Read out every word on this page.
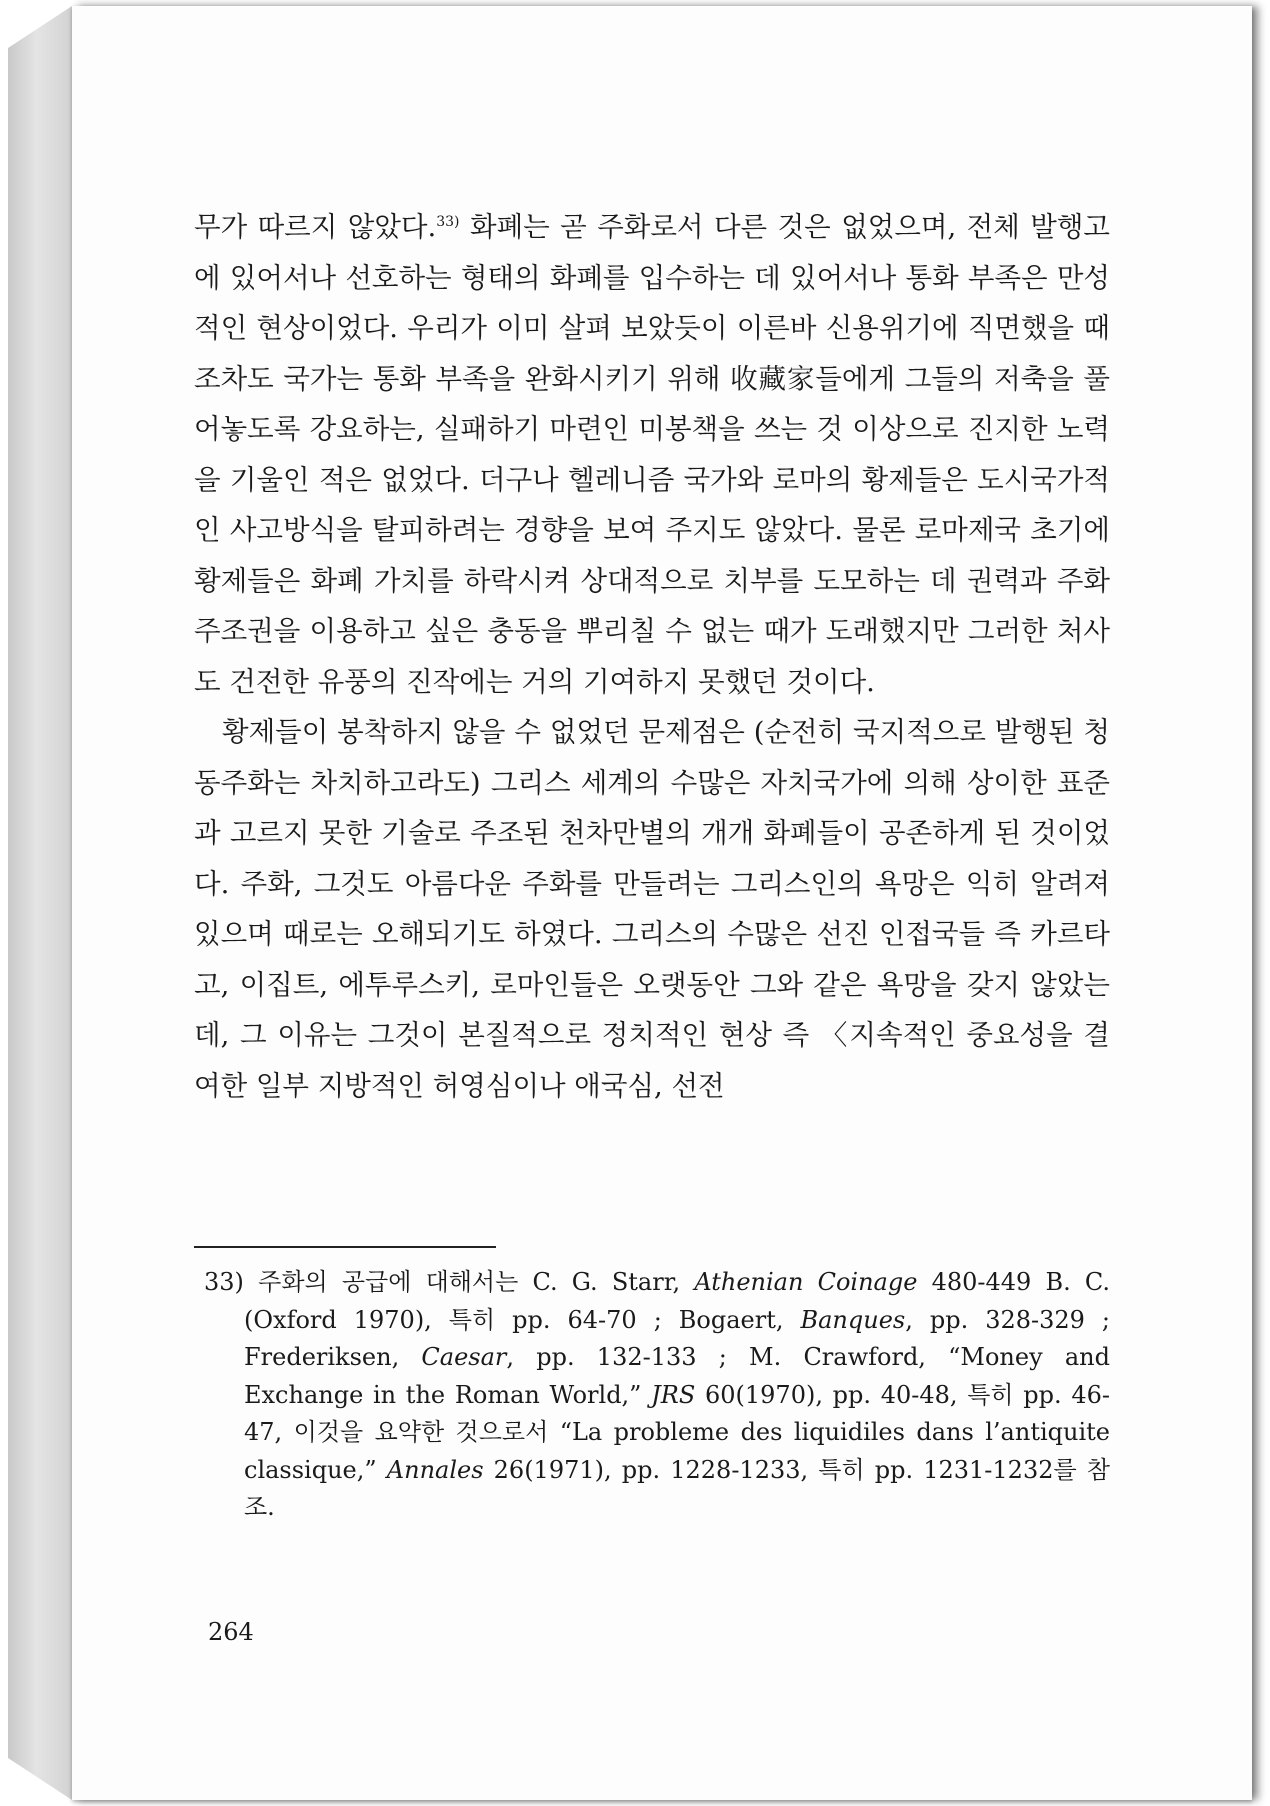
무가 따르지 않았다.$^{33)}$ 화폐는 곧 주화로서 다른 것은 없었으며, 전체 발행고에 있어서나 선호하는 형태의 화폐를 입수하는 데 있어서나 통화 부족은 만성적인 현상이었다. 우리가 이미 살펴 보았듯이 이른바 신용위기에 직면했을 때조차도 국가는 통화 부족을 완화시키기 위해 收藏家들에게 그들의 저축을 풀어놓도록 강요하는, 실패하기 마련인 미봉책을 쓰는 것 이상으로 진지한 노력을 기울인 적은 없었다. 더구나 헬레니즘 국가와 로마의 황제들은 도시국가적인 사고방식을 탈피하려는 경향을 보여 주지도 않았다. 물론 로마제국 초기에 황제들은 화폐 가치를 하락시켜 상대적으로 치부를 도모하는 데 권력과 주화 주조권을 이용하고 싶은 충동을 뿌리칠 수 없는 때가 도래했지만 그러한 처사도 건전한 유풍의 진작에는 거의 기여하지 못했던 것이다.

황제들이 봉착하지 않을 수 없었던 문제점은 (순전히 국지적으로 발행된 청동주화는 차치하고라도) 그리스 세계의 수많은 자치국가에 의해 상이한 표준과 고르지 못한 기술로 주조된 천차만별의 개개 화폐들이 공존하게 된 것이었다. 주화, 그것도 아름다운 주화를 만들려는 그리스인의 욕망은 익히 알려져 있으며 때로는 오해되기도 하였다. 그리스의 수많은 선진 인접국들 즉 카르타고, 이집트, 에투루스키, 로마인들은 오랫동안 그와 같은 욕망을 갖지 않았는데, 그 이유는 그것이 본질적으로 정치적인 현상 즉 〈지속적인 중요성을 결여한 일부 지방적인 허영심이나 애국심, 선전

33) 주화의 공급에 대해서는 C. G. Starr, Athenian Coinage 480-449 B. C. (Oxford 1970), 특히 pp. 64-70 ; Bogaert, Banques, pp. 328-329 ; Frederiksen, Caesar, pp. 132-133 ; M. Crawford, “Money and Exchange in the Roman World,” JRS 60(1970), pp. 40-48, 특히 pp. 46-47, 이것을 요약한 것으로서 “La probleme des liquidiles dans l’antiquite classique,” Annales 26(1971), pp. 1228-1233, 특히 pp. 1231-1232를 참조.
264
